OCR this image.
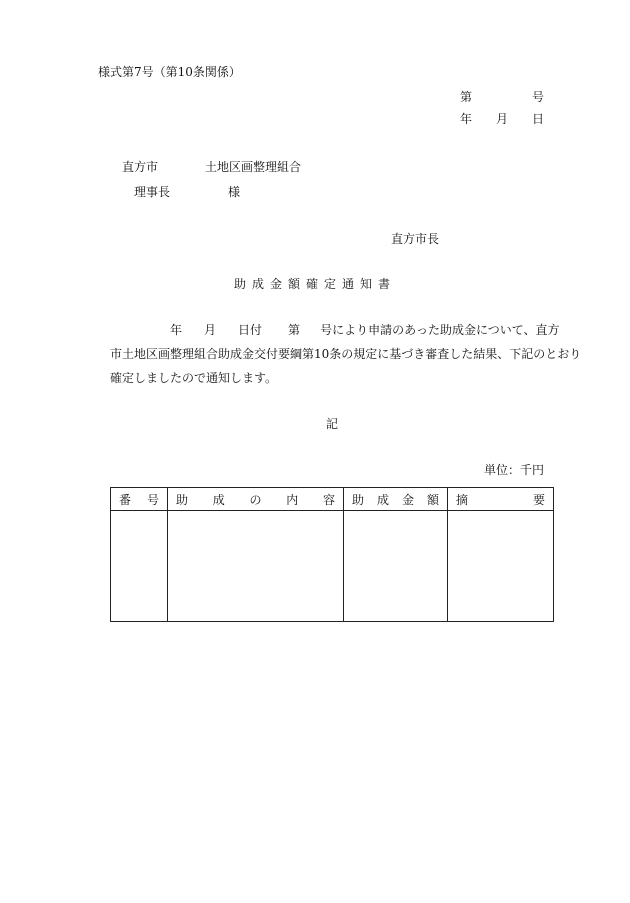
様式第7号（第10条関係）
第	号
年 月 日
直方市	土地区画整理組合
理事長	様
直方市長
助成金額確定通知書
年 月 日付 第 号により申請のあった助成金について、直方
市土地区画整理組合助成金交付要綱第10条の規定に基づき審査した結果、下記のとおり
確定しましたので通知します。
記
単位：千円
番号	助成の内容	助成金額	摘要
